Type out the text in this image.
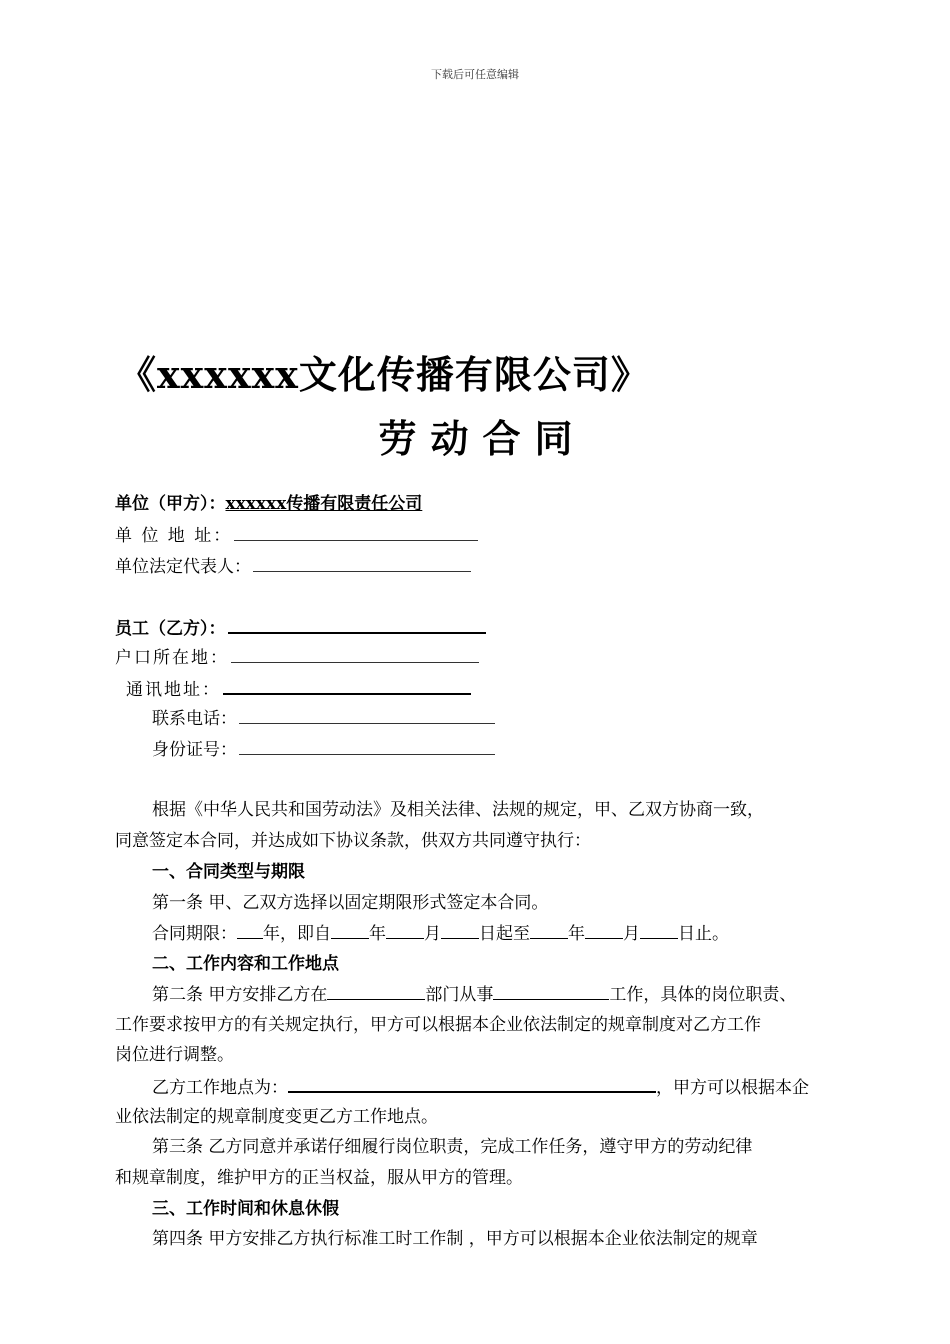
下载后可任意编辑
《xxxxxx文化传播有限公司》
劳动合同
单位（甲方）：xxxxxx传播有限责任公司
单 位 地 址：
单位法定代表人：
员工（乙方）：
户口所在地：
通讯地址：
联系电话：
身份证号：
根据《中华人民共和国劳动法》及相关法律、法规的规定，甲、乙双方协商一致，
同意签定本合同，并达成如下协议条款，供双方共同遵守执行：
一、合同类型与期限
第一条 甲、乙双方选择以固定期限形式签定本合同。
合同期限： 年，即自 年 月 日起至 年 月 日止。
二、工作内容和工作地点
第二条 甲方安排乙方在	部门从事	工作，具体的岗位职责、
工作要求按甲方的有关规定执行，甲方可以根据本企业依法制定的规章制度对乙方工作
岗位进行调整。
乙方工作地点为：	，甲方可以根据本企
业依法制定的规章制度变更乙方工作地点。
第三条 乙方同意并承诺仔细履行岗位职责，完成工作任务，遵守甲方的劳动纪律
和规章制度，维护甲方的正当权益，服从甲方的管理。
三、工作时间和休息休假
第四条 甲方安排乙方执行标准工时工作制 ，甲方可以根据本企业依法制定的规章
